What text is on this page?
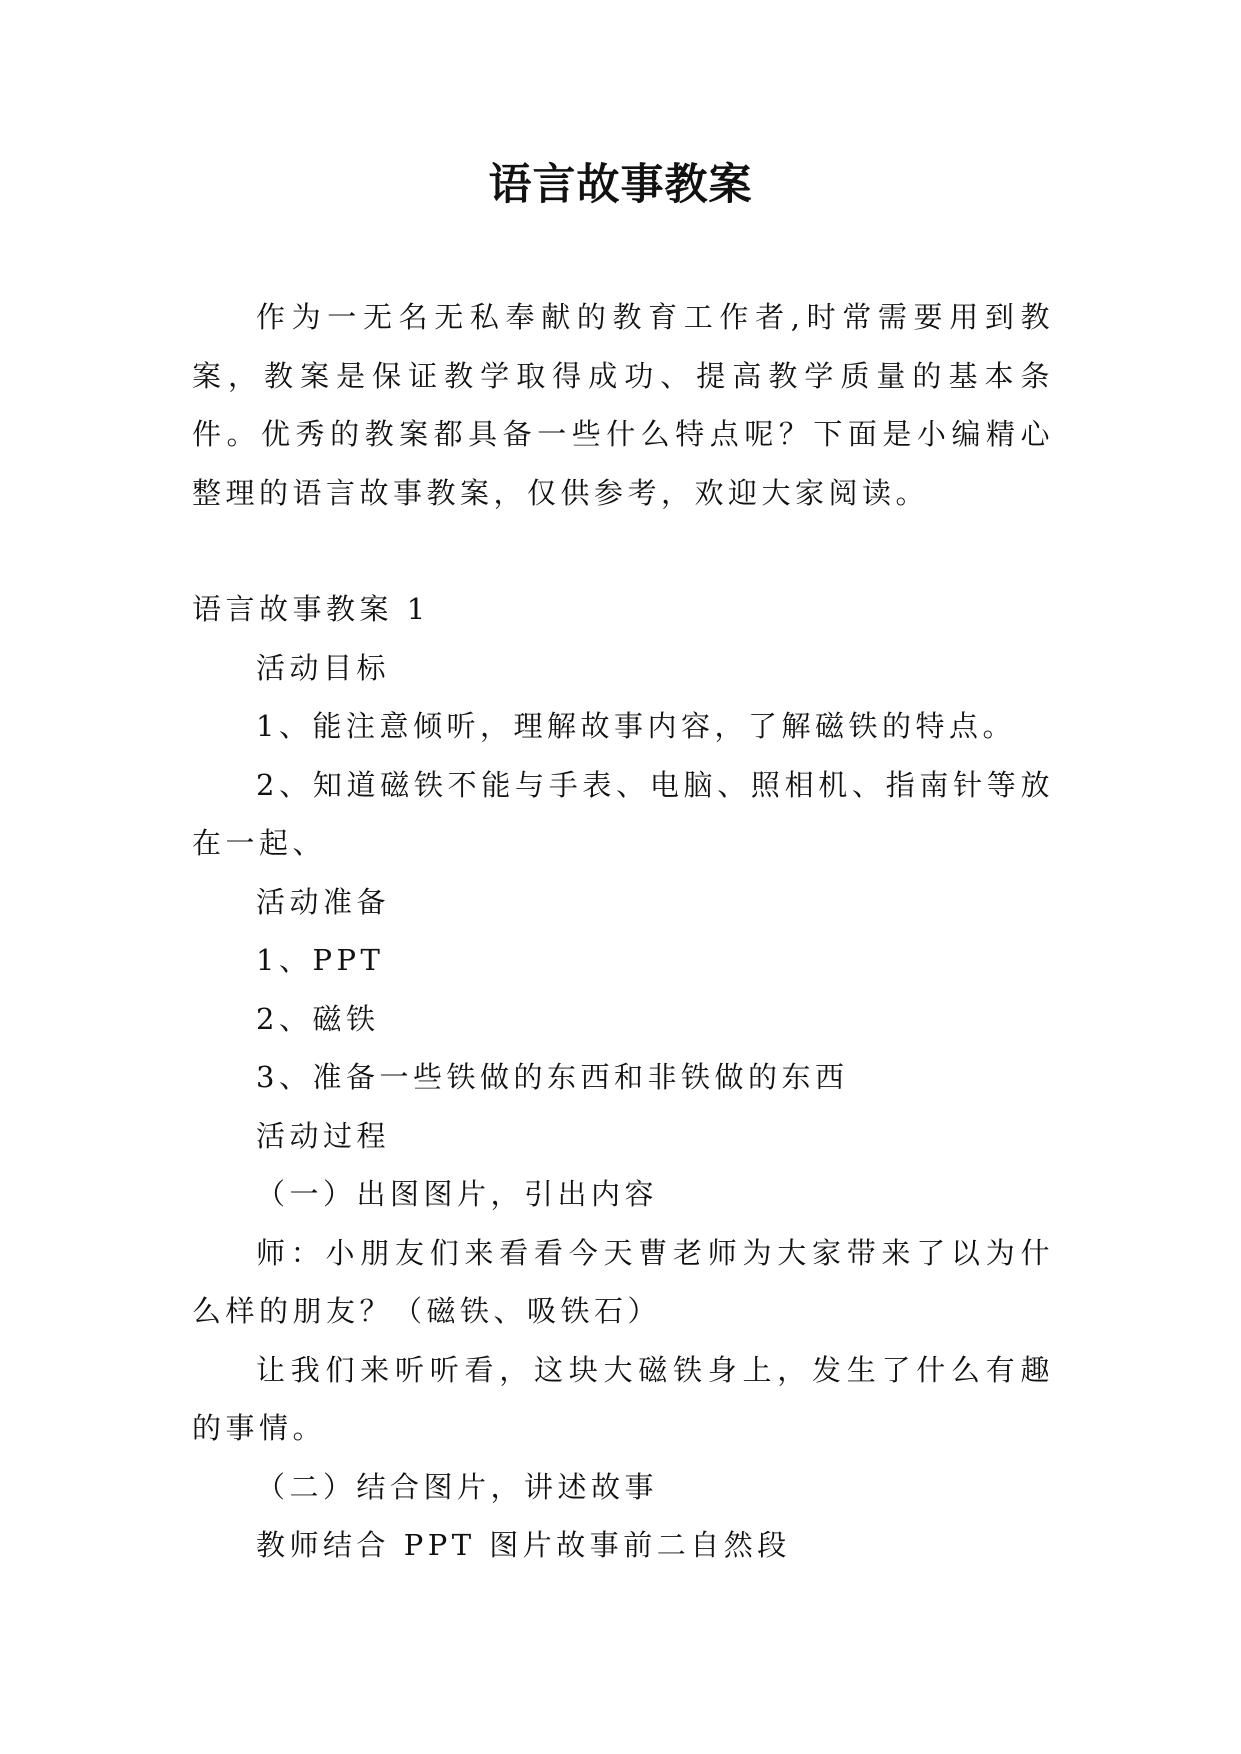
语言故事教案

作为一无名无私奉献的教育工作者,时常需要用到教案，教案是保证教学取得成功、提高教学质量的基本条件。优秀的教案都具备一些什么特点呢？下面是小编精心整理的语言故事教案，仅供参考，欢迎大家阅读。

语言故事教案 1

活动目标

1、能注意倾听，理解故事内容，了解磁铁的特点。

2、知道磁铁不能与手表、电脑、照相机、指南针等放在一起、

活动准备

1、PPT

2、磁铁

3、准备一些铁做的东西和非铁做的东西

活动过程

（一）出图图片，引出内容

师：小朋友们来看看今天曹老师为大家带来了以为什么样的朋友？（磁铁、吸铁石）

让我们来听听看，这块大磁铁身上，发生了什么有趣的事情。

（二）结合图片，讲述故事

教师结合 PPT 图片故事前二自然段
